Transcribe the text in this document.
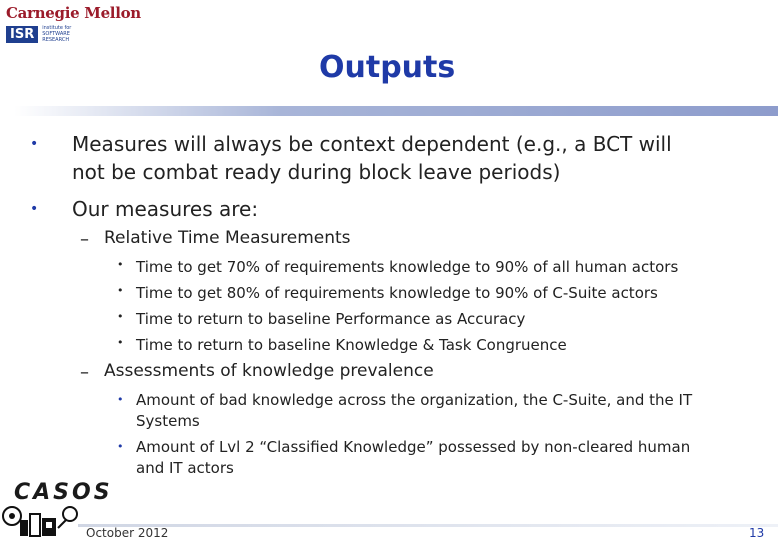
Carnegie Mellon
ISR	institute for SOFTWARE RESEARCH
Outputs
• Measures will always be context dependent (e.g., a BCT will
not be combat ready during block leave periods)
• Our measures are:
– Relative Time Measurements
• Time to get 70% of requirements knowledge to 90% of all human actors
• Time to get 80% of requirements knowledge to 90% of C-Suite actors
• Time to return to baseline Performance as Accuracy
• Time to return to baseline Knowledge & Task Congruence
– Assessments of knowledge prevalence
• Amount of bad knowledge across the organization, the C-Suite, and the IT
Systems
• Amount of Lvl 2 “Classified Knowledge” possessed by non-cleared human
and IT actors
CASOS
October 2012	13
